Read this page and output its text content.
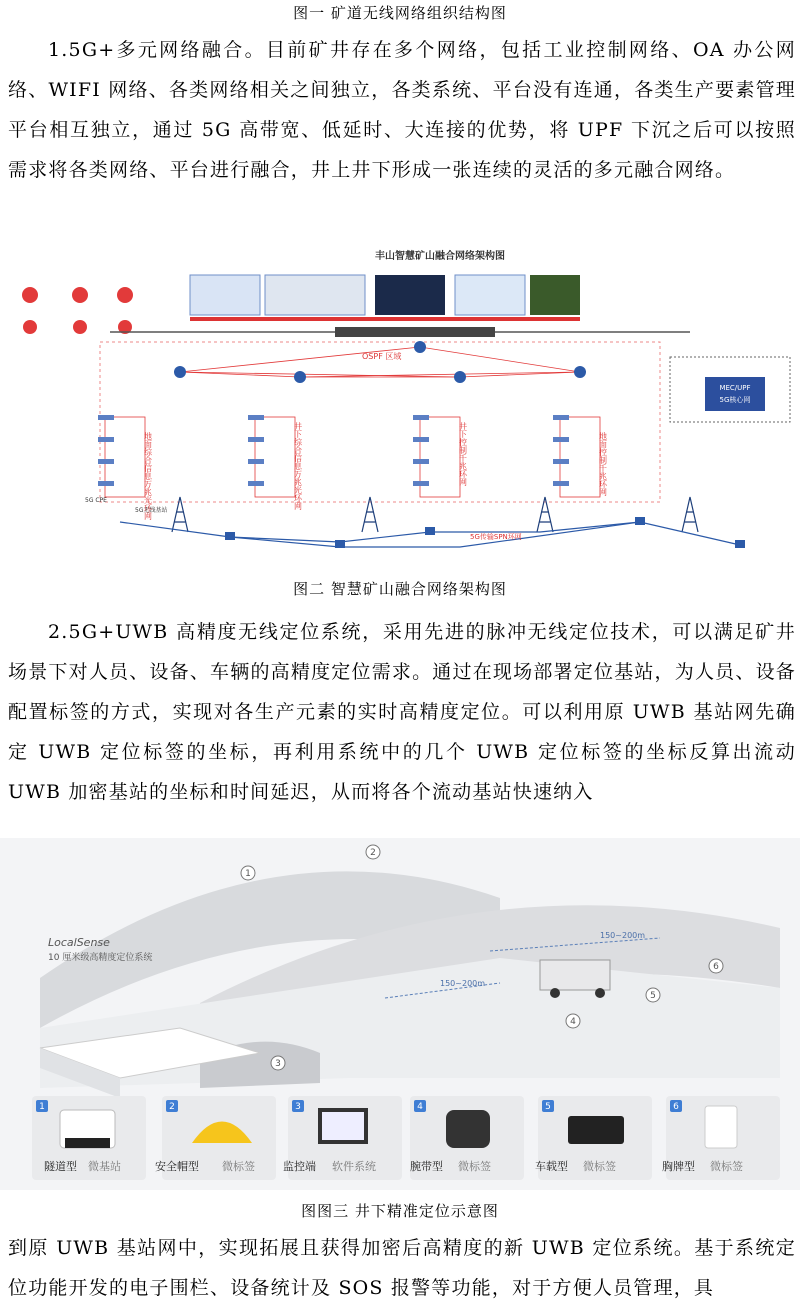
图一 矿道无线网络组织结构图
1.5G+多元网络融合。目前矿井存在多个网络，包括工业控制网络、OA 办公网络、WIFI 网络、各类网络相关之间独立，各类系统、平台没有连通，各类生产要素管理平台相互独立，通过 5G 高带宽、低延时、大连接的优势，将 UPF 下沉之后可以按照需求将各类网络、平台进行融合，井上井下形成一张连续的灵活的多元融合网络。
丰山智慧矿山融合网络架构图
OSPF 区域
MEC/UPF
5G核心网
地面综合信息万兆光环网	井下综合信息万兆光环网	井下控制千兆环网	地面控制千兆环网
5G无线基站
5G CPE
5G传输SPN环网
图二 智慧矿山融合网络架构图
2.5G+UWB 高精度无线定位系统，采用先进的脉冲无线定位技术，可以满足矿井场景下对人员、设备、车辆的高精度定位需求。通过在现场部署定位基站，为人员、设备配置标签的方式，实现对各生产元素的实时高精度定位。可以利用原 UWB 基站网先确定 UWB 定位标签的坐标，再利用系统中的几个 UWB 定位标签的坐标反算出流动 UWB 加密基站的坐标和时间延迟，从而将各个流动基站快速纳入
150~200m
150~200m
LocalSense
10 厘米级高精度定位系统
1
2
3
4
5
6
1	2	3	4	5	6
隧道型 微基站	安全帽型 微标签	监控端 软件系统	腕带型 微标签	车载型 微标签	胸牌型 微标签
图图三 井下精准定位示意图
到原 UWB 基站网中，实现拓展且获得加密后高精度的新 UWB 定位系统。基于系统定位功能开发的电子围栏、设备统计及 SOS 报警等功能，对于方便人员管理，具
